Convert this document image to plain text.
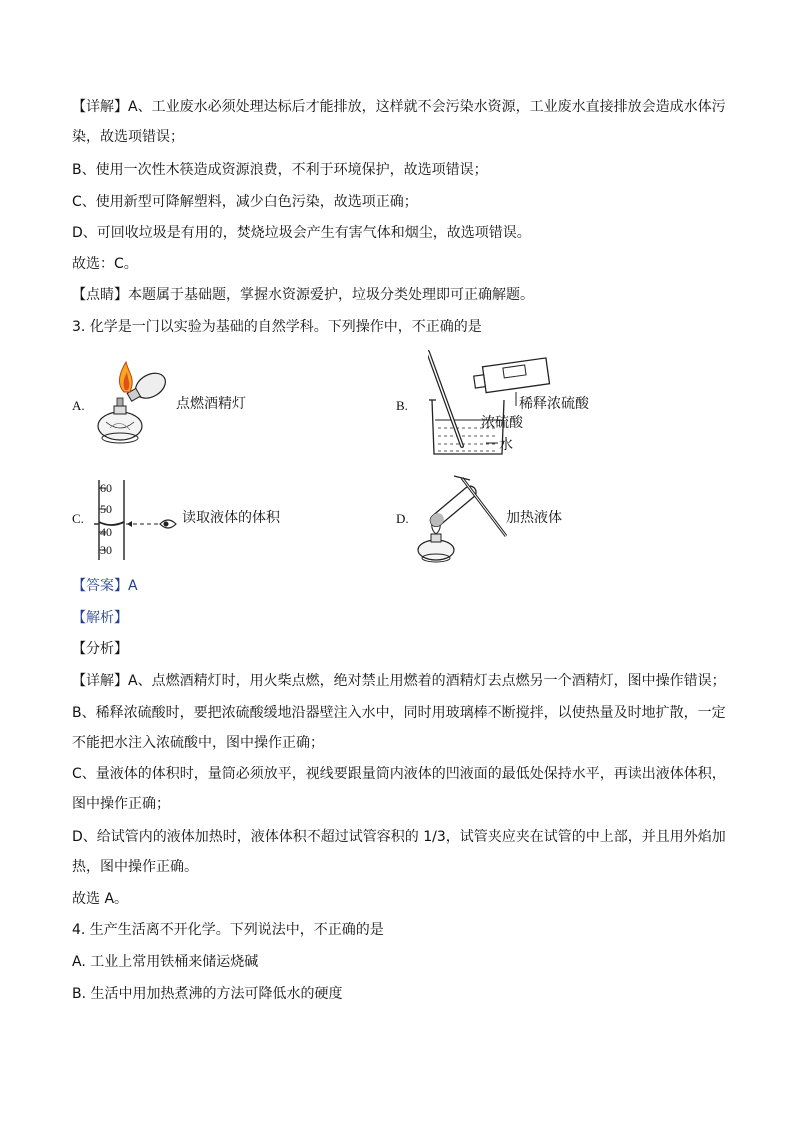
【详解】A、工业废水必须处理达标后才能排放，这样就不会污染水资源，工业废水直接排放会造成水体污
染，故选项错误；
B、使用一次性木筷造成资源浪费，不利于环境保护，故选项错误；
C、使用新型可降解塑料，减少白色污染，故选项正确；
D、可回收垃圾是有用的，焚烧垃圾会产生有害气体和烟尘，故选项错误。
故选：C。
【点睛】本题属于基础题，掌握水资源爱护，垃圾分类处理即可正确解题。
3. 化学是一门以实验为基础的自然学科。下列操作中，不正确的是
A.	点燃酒精灯	B.	稀释浓硫酸
浓硫酸
水
C.
60
50
40
30
读取液体的体积	D.	加热液体
【答案】A
【解析】
【分析】
【详解】A、点燃酒精灯时，用火柴点燃，绝对禁止用燃着的酒精灯去点燃另一个酒精灯，图中操作错误；
B、稀释浓硫酸时，要把浓硫酸缓地沿器壁注入水中，同时用玻璃棒不断搅拌，以使热量及时地扩散，一定
不能把水注入浓硫酸中，图中操作正确；
C、量液体的体积时，量筒必须放平，视线要跟量筒内液体的凹液面的最低处保持水平，再读出液体体积，
图中操作正确；
D、给试管内的液体加热时，液体体积不超过试管容积的 1/3，试管夹应夹在试管的中上部，并且用外焰加
热，图中操作正确。
故选 A。
4. 生产生活离不开化学。下列说法中，不正确的是
A. 工业上常用铁桶来储运烧碱
B. 生活中用加热煮沸的方法可降低水的硬度
